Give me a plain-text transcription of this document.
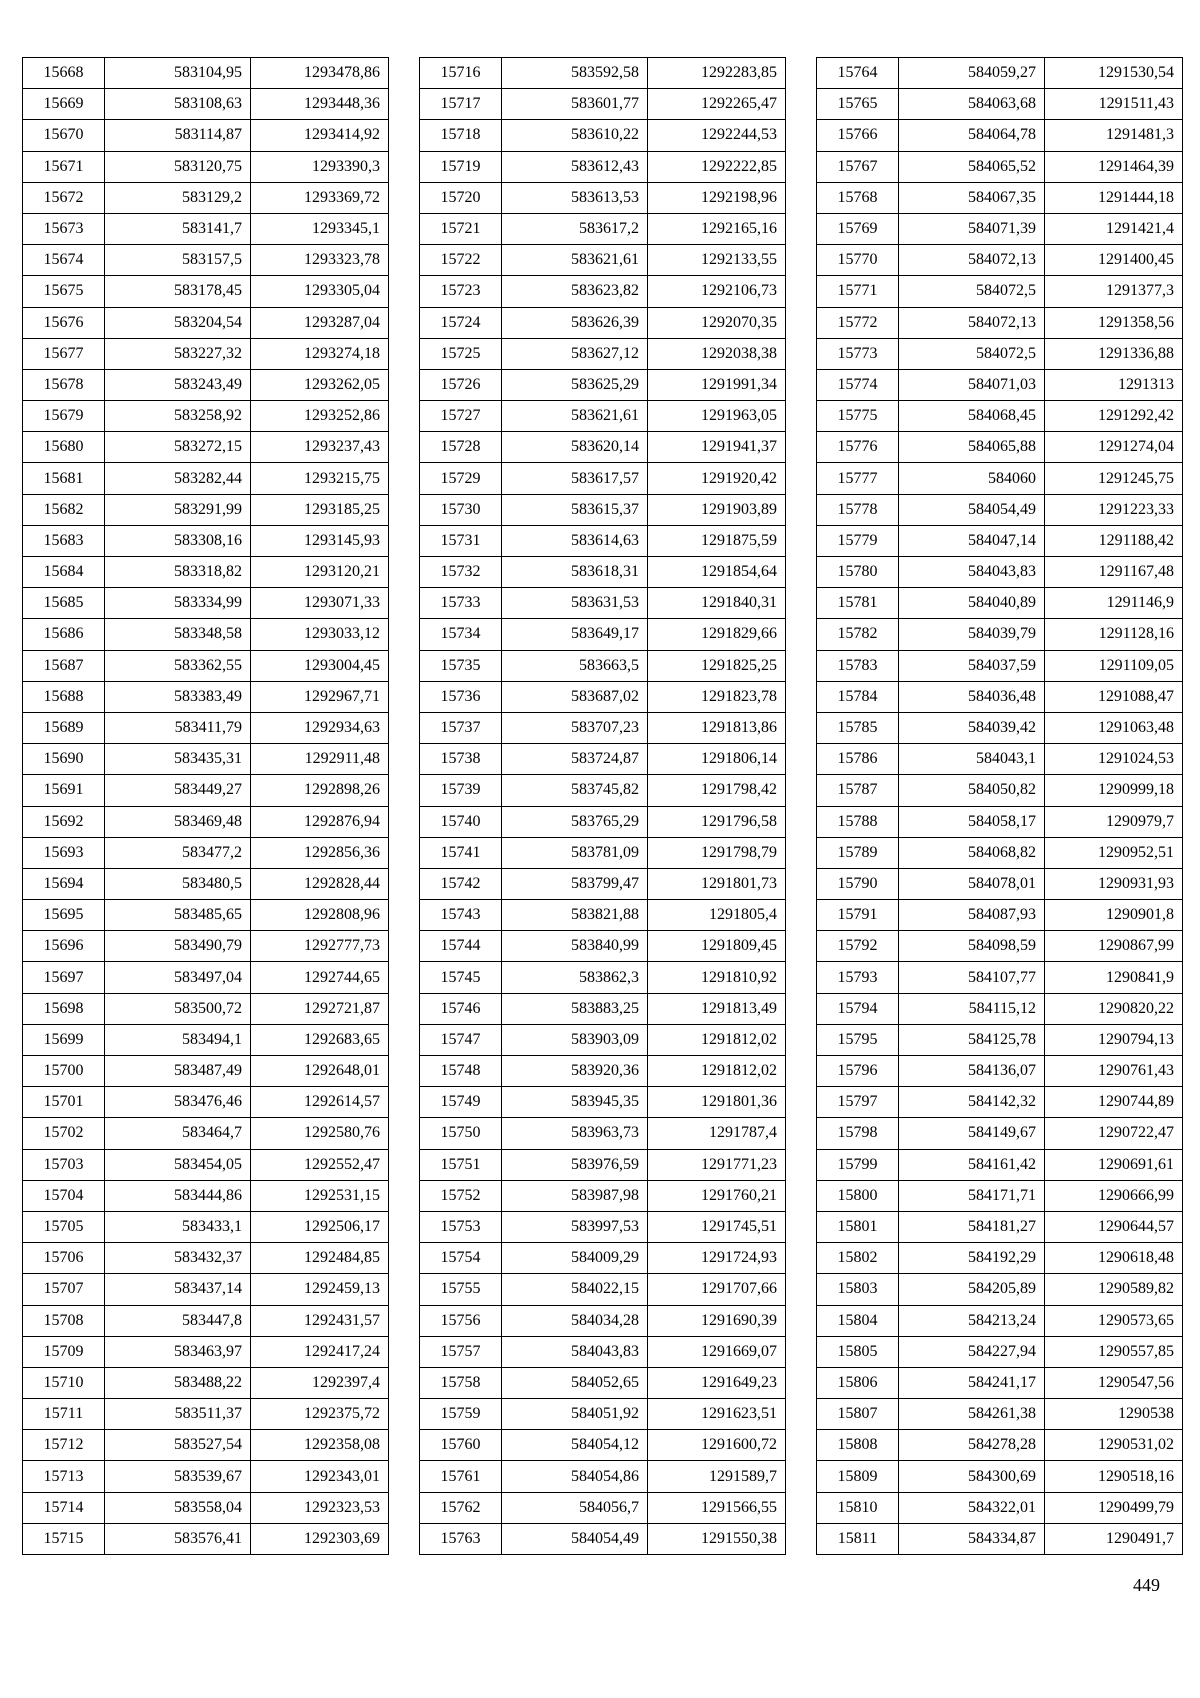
15668	583104,95	1293478,86
15669	583108,63	1293448,36
15670	583114,87	1293414,92
15671	583120,75	1293390,3
15672	583129,2	1293369,72
15673	583141,7	1293345,1
15674	583157,5	1293323,78
15675	583178,45	1293305,04
15676	583204,54	1293287,04
15677	583227,32	1293274,18
15678	583243,49	1293262,05
15679	583258,92	1293252,86
15680	583272,15	1293237,43
15681	583282,44	1293215,75
15682	583291,99	1293185,25
15683	583308,16	1293145,93
15684	583318,82	1293120,21
15685	583334,99	1293071,33
15686	583348,58	1293033,12
15687	583362,55	1293004,45
15688	583383,49	1292967,71
15689	583411,79	1292934,63
15690	583435,31	1292911,48
15691	583449,27	1292898,26
15692	583469,48	1292876,94
15693	583477,2	1292856,36
15694	583480,5	1292828,44
15695	583485,65	1292808,96
15696	583490,79	1292777,73
15697	583497,04	1292744,65
15698	583500,72	1292721,87
15699	583494,1	1292683,65
15700	583487,49	1292648,01
15701	583476,46	1292614,57
15702	583464,7	1292580,76
15703	583454,05	1292552,47
15704	583444,86	1292531,15
15705	583433,1	1292506,17
15706	583432,37	1292484,85
15707	583437,14	1292459,13
15708	583447,8	1292431,57
15709	583463,97	1292417,24
15710	583488,22	1292397,4
15711	583511,37	1292375,72
15712	583527,54	1292358,08
15713	583539,67	1292343,01
15714	583558,04	1292323,53
15715	583576,41	1292303,69
15716	583592,58	1292283,85
15717	583601,77	1292265,47
15718	583610,22	1292244,53
15719	583612,43	1292222,85
15720	583613,53	1292198,96
15721	583617,2	1292165,16
15722	583621,61	1292133,55
15723	583623,82	1292106,73
15724	583626,39	1292070,35
15725	583627,12	1292038,38
15726	583625,29	1291991,34
15727	583621,61	1291963,05
15728	583620,14	1291941,37
15729	583617,57	1291920,42
15730	583615,37	1291903,89
15731	583614,63	1291875,59
15732	583618,31	1291854,64
15733	583631,53	1291840,31
15734	583649,17	1291829,66
15735	583663,5	1291825,25
15736	583687,02	1291823,78
15737	583707,23	1291813,86
15738	583724,87	1291806,14
15739	583745,82	1291798,42
15740	583765,29	1291796,58
15741	583781,09	1291798,79
15742	583799,47	1291801,73
15743	583821,88	1291805,4
15744	583840,99	1291809,45
15745	583862,3	1291810,92
15746	583883,25	1291813,49
15747	583903,09	1291812,02
15748	583920,36	1291812,02
15749	583945,35	1291801,36
15750	583963,73	1291787,4
15751	583976,59	1291771,23
15752	583987,98	1291760,21
15753	583997,53	1291745,51
15754	584009,29	1291724,93
15755	584022,15	1291707,66
15756	584034,28	1291690,39
15757	584043,83	1291669,07
15758	584052,65	1291649,23
15759	584051,92	1291623,51
15760	584054,12	1291600,72
15761	584054,86	1291589,7
15762	584056,7	1291566,55
15763	584054,49	1291550,38
15764	584059,27	1291530,54
15765	584063,68	1291511,43
15766	584064,78	1291481,3
15767	584065,52	1291464,39
15768	584067,35	1291444,18
15769	584071,39	1291421,4
15770	584072,13	1291400,45
15771	584072,5	1291377,3
15772	584072,13	1291358,56
15773	584072,5	1291336,88
15774	584071,03	1291313
15775	584068,45	1291292,42
15776	584065,88	1291274,04
15777	584060	1291245,75
15778	584054,49	1291223,33
15779	584047,14	1291188,42
15780	584043,83	1291167,48
15781	584040,89	1291146,9
15782	584039,79	1291128,16
15783	584037,59	1291109,05
15784	584036,48	1291088,47
15785	584039,42	1291063,48
15786	584043,1	1291024,53
15787	584050,82	1290999,18
15788	584058,17	1290979,7
15789	584068,82	1290952,51
15790	584078,01	1290931,93
15791	584087,93	1290901,8
15792	584098,59	1290867,99
15793	584107,77	1290841,9
15794	584115,12	1290820,22
15795	584125,78	1290794,13
15796	584136,07	1290761,43
15797	584142,32	1290744,89
15798	584149,67	1290722,47
15799	584161,42	1290691,61
15800	584171,71	1290666,99
15801	584181,27	1290644,57
15802	584192,29	1290618,48
15803	584205,89	1290589,82
15804	584213,24	1290573,65
15805	584227,94	1290557,85
15806	584241,17	1290547,56
15807	584261,38	1290538
15808	584278,28	1290531,02
15809	584300,69	1290518,16
15810	584322,01	1290499,79
15811	584334,87	1290491,7
449
